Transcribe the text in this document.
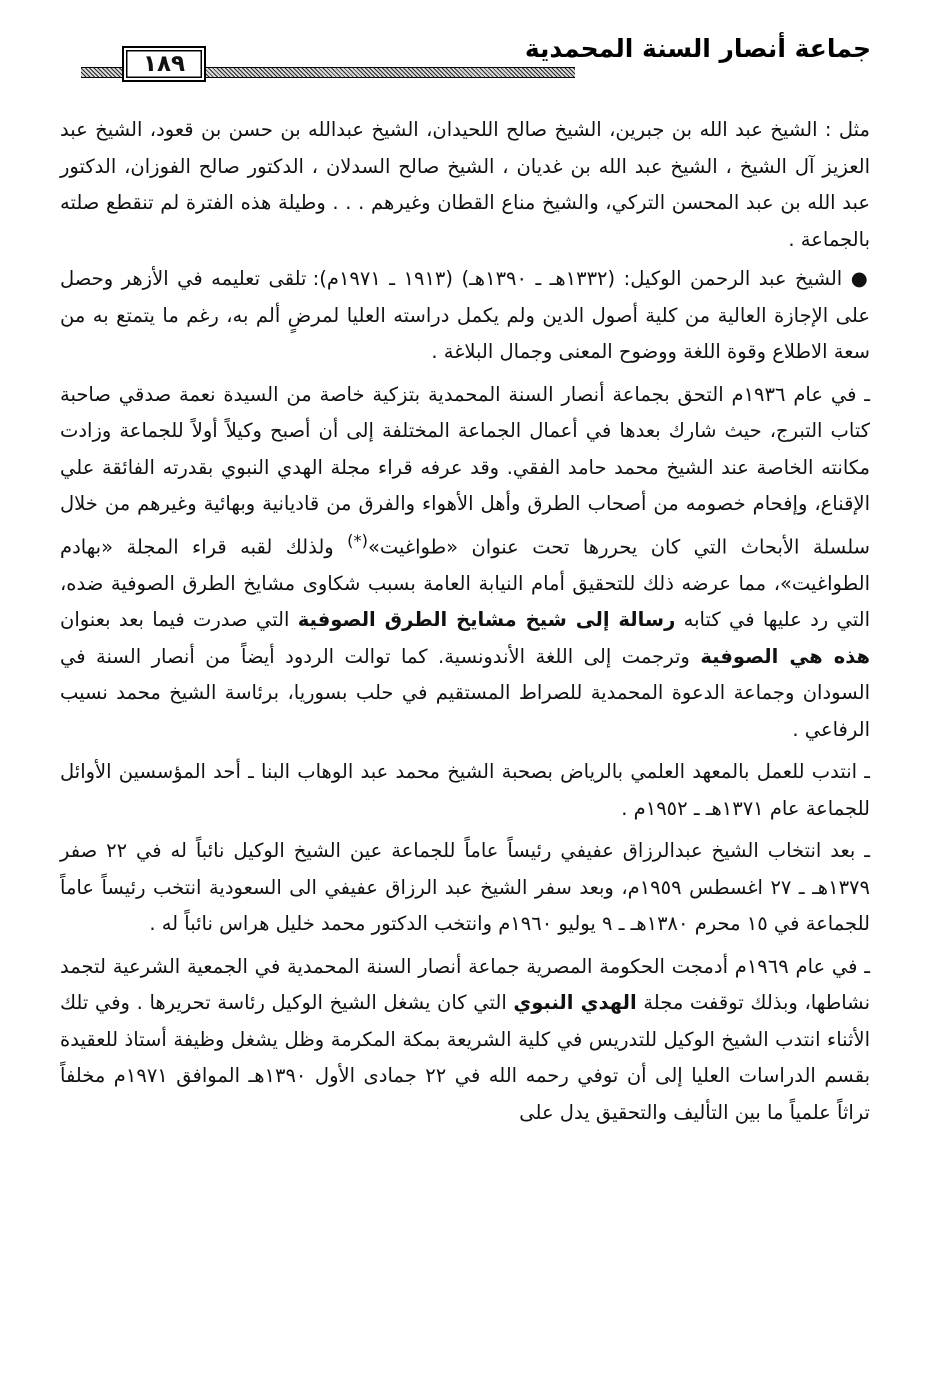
جماعة أنصار السنة المحمدية
١٨٩

مثل : الشيخ عبد الله بن جبرين، الشيخ صالح اللحيدان، الشيخ عبدالله بن حسن بن قعود، الشيخ عبد العزيز آل الشيخ ، الشيخ عبد الله بن غديان ، الشيخ صالح السدلان ، الدكتور صالح الفوزان، الدكتور عبد الله بن عبد المحسن التركي، والشيخ مناع القطان وغيرهم . . . وطيلة هذه الفترة لم تنقطع صلته بالجماعة .

● الشيخ عبد الرحمن الوكيل: (١٣٣٢هـ ـ ١٣٩٠هـ) (١٩١٣ ـ ١٩٧١م): تلقى تعليمه في الأزهر وحصل على الإجازة العالية من كلية أصول الدين ولم يكمل دراسته العليا لمرضٍ ألم به، رغم ما يتمتع به من سعة الاطلاع وقوة اللغة ووضوح المعنى وجمال البلاغة .

ـ في عام ١٩٣٦م التحق بجماعة أنصار السنة المحمدية بتزكية خاصة من السيدة نعمة صدقي صاحبة كتاب التبرج، حيث شارك بعدها في أعمال الجماعة المختلفة إلى أن أصبح وكيلاً أولاً للجماعة وزادت مكانته الخاصة عند الشيخ محمد حامد الفقي. وقد عرفه قراء مجلة الهدي النبوي بقدرته الفائقة علي الإقناع، وإفحام خصومه من أصحاب الطرق وأهل الأهواء والفرق من قاديانية وبهائية وغيرهم من خلال سلسلة الأبحاث التي كان يحررها تحت عنوان «طواغيت»(*) ولذلك لقبه قراء المجلة «بهادم الطواغيت»، مما عرضه ذلك للتحقيق أمام النيابة العامة بسبب شكاوى مشايخ الطرق الصوفية ضده، التي رد عليها في كتابه رسالة إلى شيخ مشايخ الطرق الصوفية التي صدرت فيما بعد بعنوان هذه هي الصوفية وترجمت إلى اللغة الأندونسية. كما توالت الردود أيضاً من أنصار السنة في السودان وجماعة الدعوة المحمدية للصراط المستقيم في حلب بسوريا، برئاسة الشيخ محمد نسيب الرفاعي .

ـ انتدب للعمل بالمعهد العلمي بالرياض بصحبة الشيخ محمد عبد الوهاب البنا ـ أحد المؤسسين الأوائل للجماعة عام ١٣٧١هـ ـ ١٩٥٢م .

ـ بعد انتخاب الشيخ عبدالرزاق عفيفي رئيساً عاماً للجماعة عين الشيخ الوكيل نائباً له في ٢٢ صفر ١٣٧٩هـ ـ ٢٧ اغسطس ١٩٥٩م، وبعد سفر الشيخ عبد الرزاق عفيفي الى السعودية انتخب رئيساً عاماً للجماعة في ١٥ محرم ١٣٨٠هـ ـ ٩ يوليو ١٩٦٠م وانتخب الدكتور محمد خليل هراس نائباً له .

ـ في عام ١٩٦٩م أدمجت الحكومة المصرية جماعة أنصار السنة المحمدية في الجمعية الشرعية لتجمد نشاطها، وبذلك توقفت مجلة الهدي النبوي التي كان يشغل الشيخ الوكيل رئاسة تحريرها . وفي تلك الأثناء انتدب الشيخ الوكيل للتدريس في كلية الشريعة بمكة المكرمة وظل يشغل وظيفة أستاذ للعقيدة بقسم الدراسات العليا إلى أن توفي رحمه الله في ٢٢ جمادى الأول ١٣٩٠هـ الموافق ١٩٧١م مخلفاً تراثاً علمياً ما بين التأليف والتحقيق يدل على
